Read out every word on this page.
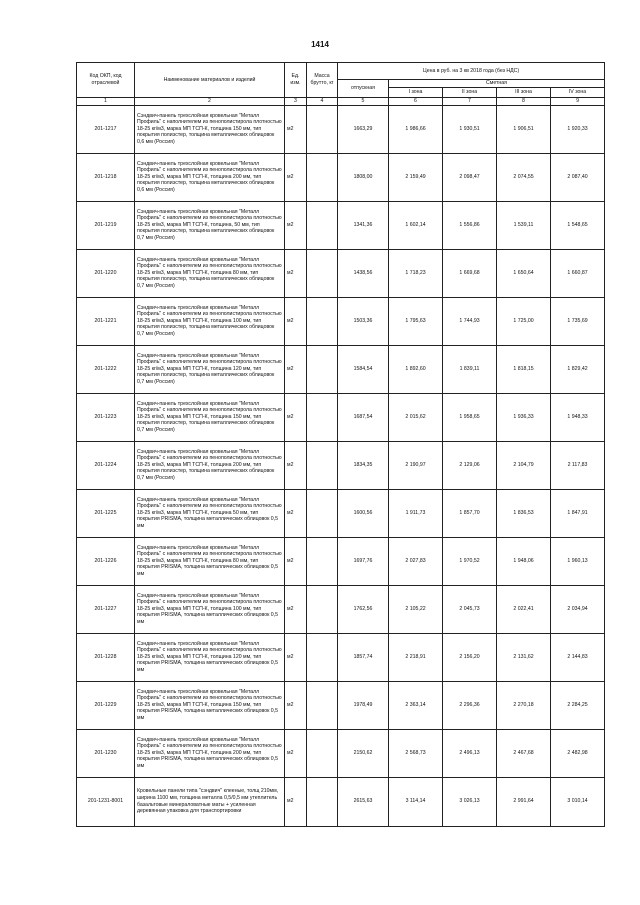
1414
Код ОКП, код отраслевой	Наименование материалов и изделий	Ед. изм.	Масса брутто, кг	Цена в руб. на 3 кв 2018 года (без НДС)				
				отпускная	Сметная			
					I зона	II зона	III зона	IV зона
1	2	3	4	5	6	7	8	9
201-1217	Сэндвич-панель трехслойная кровельная "Металл Профиль" с наполнителем из пенополистирола плотностью 18-25 кг/м3, марка МП ТСП-К, толщина 150 мм, тип покрытия полиэстер, толщина металлических облицовок 0,6 мм (Россия)	м2		1663,29	1 986,66	1 930,51	1 906,51	1 920,33
201-1218	Сэндвич-панель трехслойная кровельная "Металл Профиль" с наполнителем из пенополистирола плотностью 18-25 кг/м3, марка МП ТСП-К, толщина 200 мм, тип покрытия полиэстер, толщина металлических облицовок 0,6 мм (Россия)	м2		1808,00	2 159,49	2 098,47	2 074,55	2 087,40
201-1219	Сэндвич-панель трехслойная кровельная "Металл Профиль" с наполнителем из пенополистирола плотностью 18-25 кг/м3, марка МП ТСП-К, толщина, 50 мм, тип покрытия полиэстер, толщина металлических облицовок 0,7 мм (Россия)	м2		1341,36	1 602,14	1 556,86	1 539,11	1 548,65
201-1220	Сэндвич-панель трехслойная кровельная "Металл Профиль" с наполнителем из пенополистирола плотностью 18-25 кг/м3, марка МП ТСП-К, толщина 80 мм, тип покрытия полиэстер, толщина металлических облицовок 0,7 мм (Россия)	м2		1438,56	1 718,23	1 669,68	1 650,64	1 660,87
201-1221	Сэндвич-панель трехслойная кровельная "Металл Профиль" с наполнителем из пенополистирола плотностью 18-25 кг/м3, марка МП ТСП-К, толщина 100 мм, тип покрытия полиэстер, толщина металлических облицовок 0,7 мм (Россия)	м2		1503,36	1 795,63	1 744,93	1 725,00	1 735,69
201-1222	Сэндвич-панель трехслойная кровельная "Металл Профиль" с наполнителем из пенополистирола плотностью 18-25 кг/м3, марка МП ТСП-К, толщина 120 мм, тип покрытия полиэстер, толщина металлических облицовок 0,7 мм (Россия)	м2		1584,54	1 892,60	1 839,11	1 818,15	1 829,42
201-1223	Сэндвич-панель трехслойная кровельная "Металл Профиль" с наполнителем из пенополистирола плотностью 18-25 кг/м3, марка МП ТСП-К, толщина 150 мм, тип покрытия полиэстер, толщина металлических облицовок 0,7 мм (Россия)	м2		1687,54	2 015,62	1 958,65	1 936,33	1 948,33
201-1224	Сэндвич-панель трехслойная кровельная "Металл Профиль" с наполнителем из пенополистирола плотностью 18-25 кг/м3, марка МП ТСП-К, толщина 200 мм, тип покрытия полиэстер, толщина металлических облицовок 0,7 мм (Россия)	м2		1834,35	2 190,97	2 129,06	2 104,79	2 117,83
201-1225	Сэндвич-панель трехслойная кровельная "Металл Профиль" с наполнителем из пенополистирола плотностью 18-25 кг/м3, марка МП ТСП-К, толщина 50 мм, тип покрытия PRISMA, толщина металлических облицовок 0,5 мм	м2		1600,56	1 911,73	1 857,70	1 836,53	1 847,91
201-1226	Сэндвич-панель трехслойная кровельная "Металл Профиль" с наполнителем из пенополистирола плотностью 18-25 кг/м3, марка МП ТСП-К, толщина 80 мм, тип покрытия PRISMA, толщина металлических облицовок 0,5 мм	м2		1697,76	2 027,83	1 970,52	1 948,06	1 960,13
201-1227	Сэндвич-панель трехслойная кровельная "Металл Профиль" с наполнителем из пенополистирола плотностью 18-25 кг/м3, марка МП ТСП-К, толщина 100 мм, тип покрытия PRISMA, толщина металлических облицовок 0,5 мм	м2		1762,56	2 105,22	2 045,73	2 022,41	2 034,94
201-1228	Сэндвич-панель трехслойная кровельная "Металл Профиль" с наполнителем из пенополистирола плотностью 18-25 кг/м3, марка МП ТСП-К, толщина 120 мм, тип покрытия PRISMA, толщина металлических облицовок 0,5 мм	м2		1857,74	2 218,91	2 156,20	2 131,62	2 144,83
201-1229	Сэндвич-панель трехслойная кровельная "Металл Профиль" с наполнителем из пенополистирола плотностью 18-25 кг/м3, марка МП ТСП-К, толщина 150 мм, тип покрытия PRISMA, толщина металлических облицовок 0,5 мм	м2		1978,49	2 363,14	2 296,36	2 270,18	2 284,25
201-1230	Сэндвич-панель трехслойная кровельная "Металл Профиль" с наполнителем из пенополистирола плотностью 18-25 кг/м3, марка МП ТСП-К, толщина 200 мм, тип покрытия PRISMA, толщина металлических облицовок 0,5 мм	м2		2150,62	2 568,73	2 496,13	2 467,68	2 482,98
201-1231-8001	Кровельные панели типа "сэндвич" клееные, толщ 210мм, ширина 1100 мм, толщина металла 0,5/0,5 мм утеплитель базальтовые минераловатные маты + усиленная деревянная упаковка для транспортировки	м2		2615,63	3 114,14	3 026,13	2 991,64	3 010,14
